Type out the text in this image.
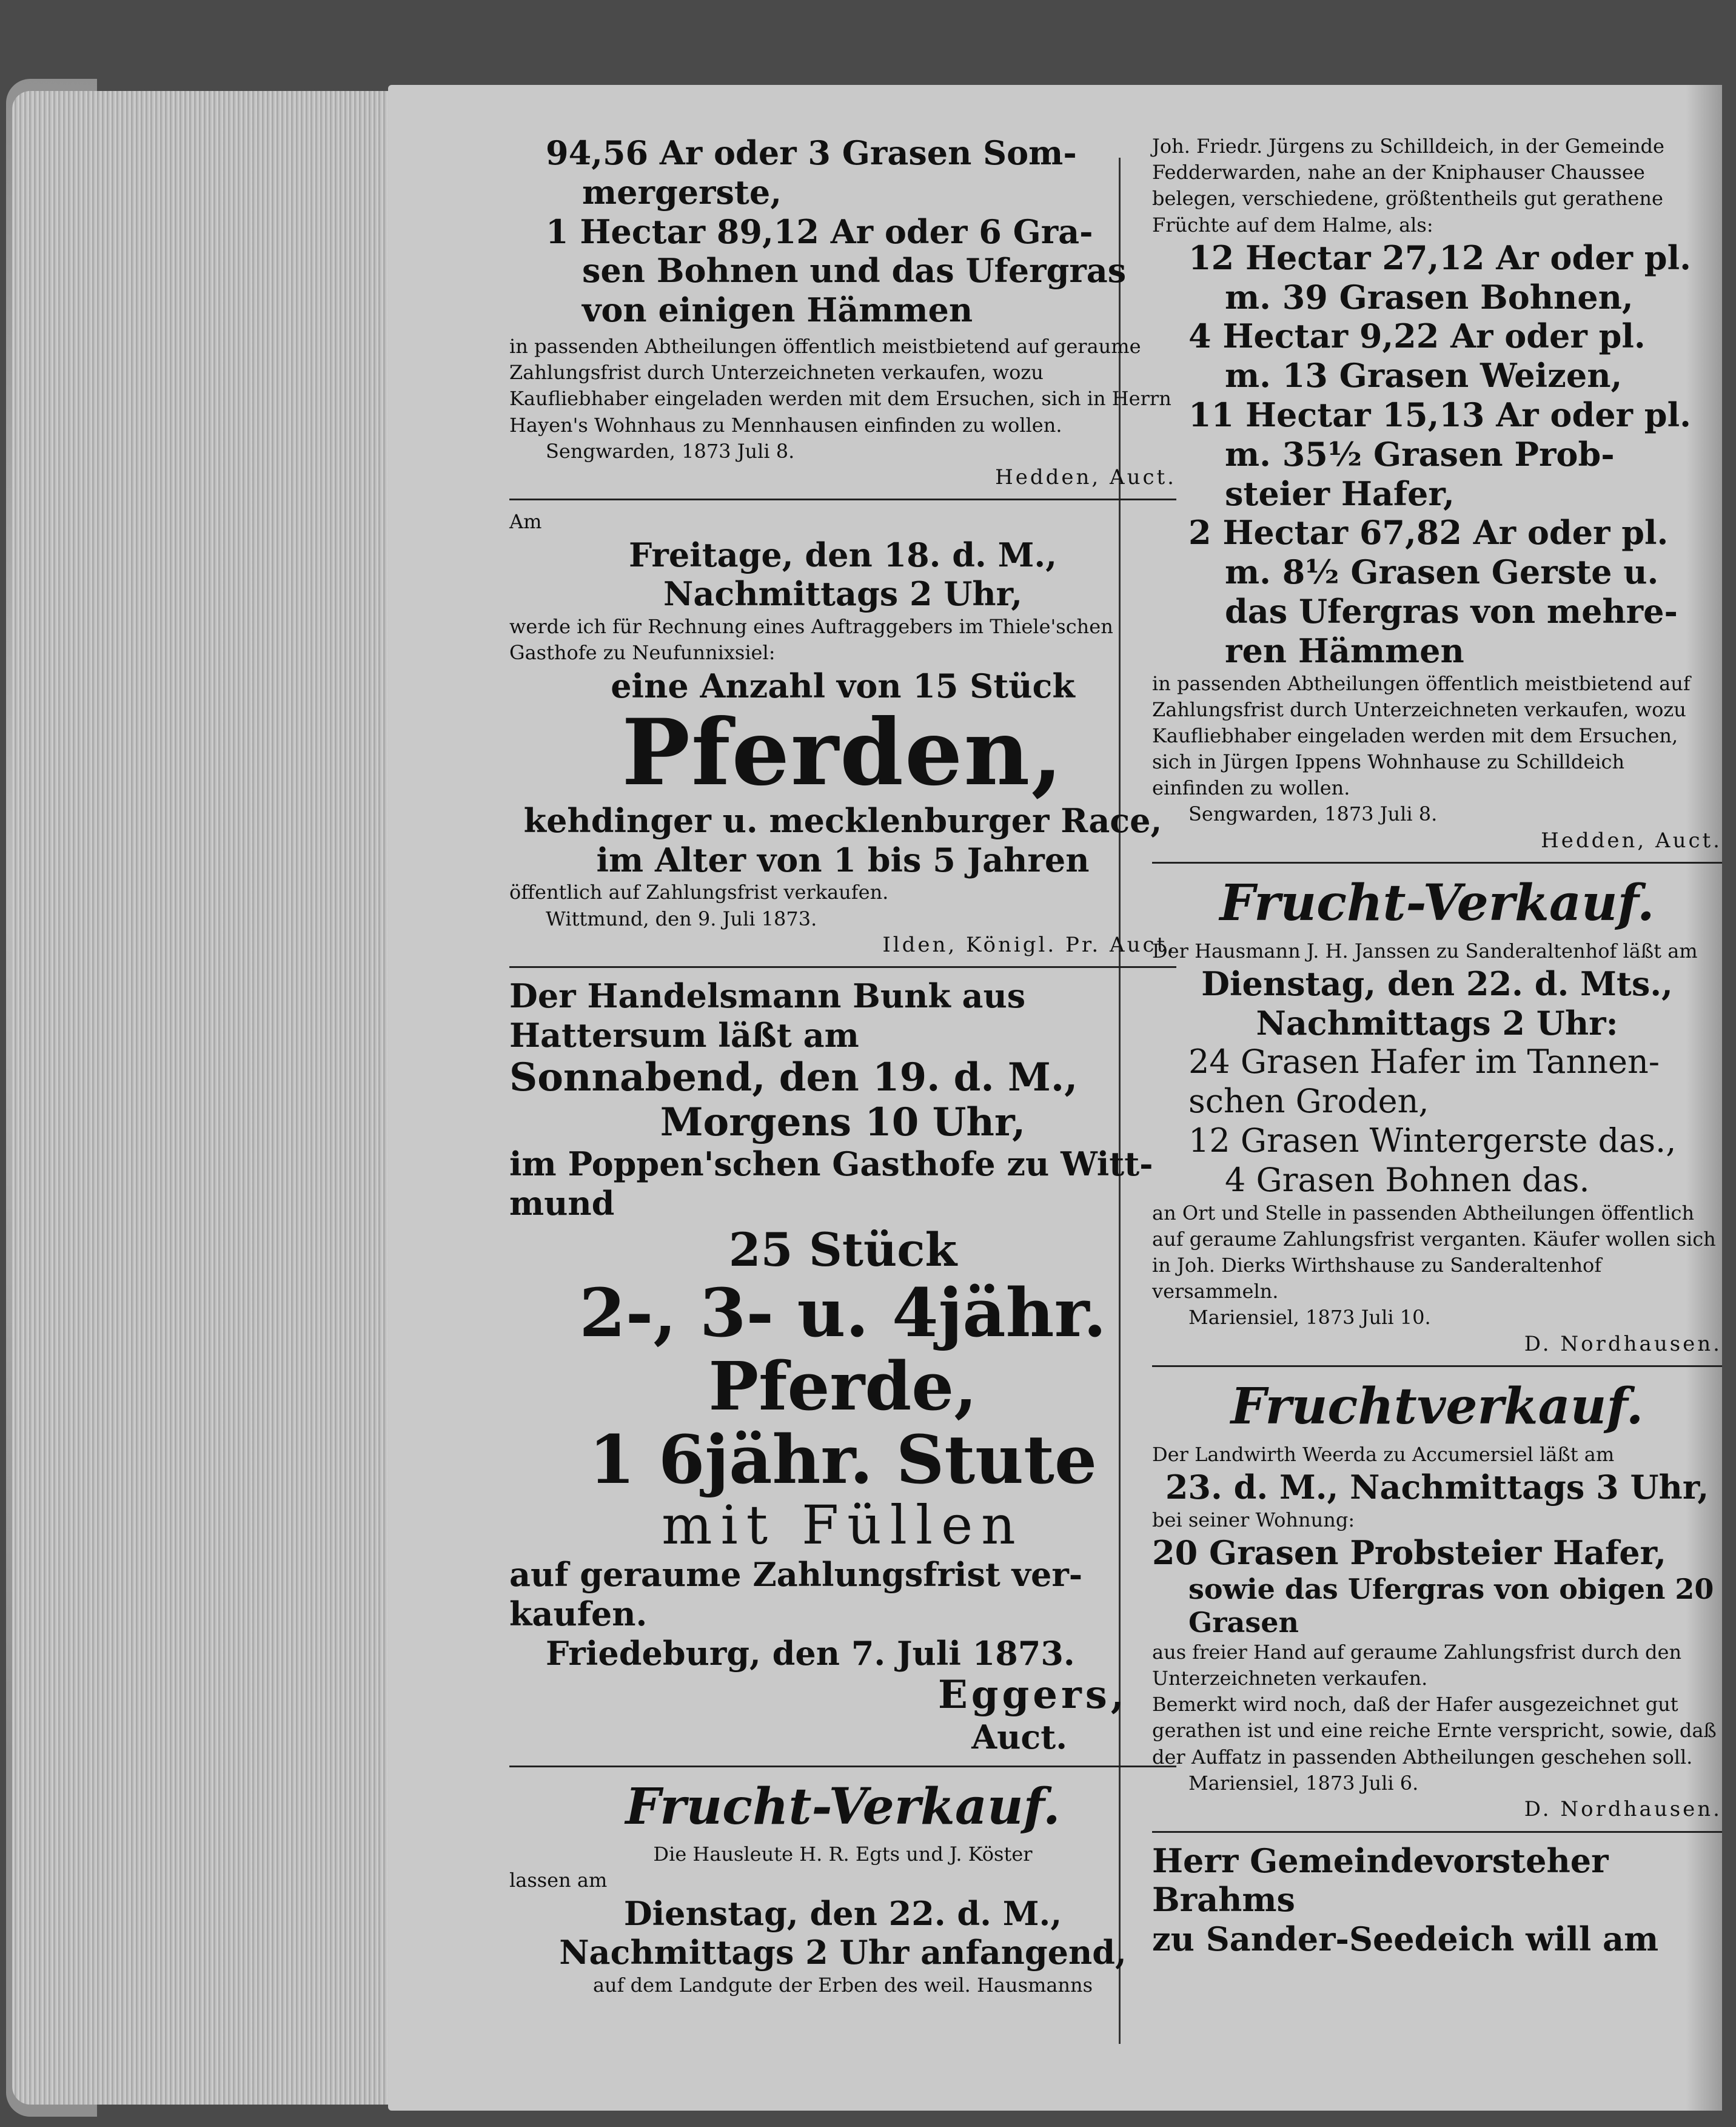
94,56 Ar oder 3 Grasen Som-
mergerste,
1 Hectar 89,12 Ar oder 6 Gra-
sen Bohnen und das Ufergras
von einigen Hämmen
in passenden Abtheilungen öffentlich meistbietend auf geraume Zahlungsfrist durch Unterzeichneten verkaufen, wozu Kaufliebhaber eingeladen werden mit dem Ersuchen, sich in Herrn Hayen's Wohnhaus zu Mennhausen einfinden zu wollen.
Sengwarden, 1873 Juli 8.
Hedden, Auct.
Am
Freitage, den 18. d. M.,
Nachmittags 2 Uhr,
werde ich für Rechnung eines Auftraggebers im Thiele'schen Gasthofe zu Neufunnixsiel:
eine Anzahl von 15 Stück
Pferden,
kehdinger u. mecklenburger Race,
im Alter von 1 bis 5 Jahren
öffentlich auf Zahlungsfrist verkaufen.
Wittmund, den 9. Juli 1873.
Ilden, Königl. Pr. Auct.
Der Handelsmann Bunk aus
Hattersum läßt am
Sonnabend, den 19. d. M.,
Morgens 10 Uhr,
im Poppen'schen Gasthofe zu Witt-
mund
25 Stück
2-, 3- u. 4jähr. Pferde,
1 6jähr. Stute
mit Füllen
auf geraume Zahlungsfrist ver-
kaufen.
Friedeburg, den 7. Juli 1873.
Eggers,
Auct.
Frucht-Verkauf.
Die Hausleute H. R. Egts und J. Köster
lassen am
Dienstag, den 22. d. M.,
Nachmittags 2 Uhr anfangend,
auf dem Landgute der Erben des weil. Hausmanns
Joh. Friedr. Jürgens zu Schilldeich, in der Gemeinde Fedderwarden, nahe an der Kniphauser Chaussee belegen, verschiedene, größtentheils gut gerathene Früchte auf dem Halme, als:
12 Hectar 27,12 Ar oder pl.
m. 39 Grasen Bohnen,
4 Hectar 9,22 Ar oder pl.
m. 13 Grasen Weizen,
11 Hectar 15,13 Ar oder pl.
m. 35½ Grasen Prob-
steier Hafer,
2 Hectar 67,82 Ar oder pl.
m. 8½ Grasen Gerste u.
das Ufergras von mehre-
ren Hämmen
in passenden Abtheilungen öffentlich meistbietend auf Zahlungsfrist durch Unterzeichneten verkaufen, wozu Kaufliebhaber eingeladen werden mit dem Ersuchen, sich in Jürgen Ippens Wohnhause zu Schilldeich einfinden zu wollen.
Sengwarden, 1873 Juli 8.
Hedden, Auct.
Frucht-Verkauf.
Der Hausmann J. H. Janssen zu Sanderaltenhof läßt am
Dienstag, den 22. d. Mts.,
Nachmittags 2 Uhr:
24 Grasen Hafer im Tannen-
schen Groden,
12 Grasen Wintergerste das.,
4 Grasen Bohnen das.
an Ort und Stelle in passenden Abtheilungen öffentlich auf geraume Zahlungsfrist verganten. Käufer wollen sich in Joh. Dierks Wirthshause zu Sanderaltenhof versammeln.
Mariensiel, 1873 Juli 10.
D. Nordhausen.
Fruchtverkauf.
Der Landwirth Weerda zu Accumersiel läßt am
23. d. M., Nachmittags 3 Uhr,
bei seiner Wohnung:
20 Grasen Probsteier Hafer,
sowie das Ufergras von obigen 20
Grasen
aus freier Hand auf geraume Zahlungsfrist durch den Unterzeichneten verkaufen.
Bemerkt wird noch, daß der Hafer ausgezeichnet gut gerathen ist und eine reiche Ernte verspricht, sowie, daß der Auffatz in passenden Abtheilungen geschehen soll.
Mariensiel, 1873 Juli 6.
D. Nordhausen.
Herr Gemeindevorsteher Brahms
zu Sander-Seedeich will am
